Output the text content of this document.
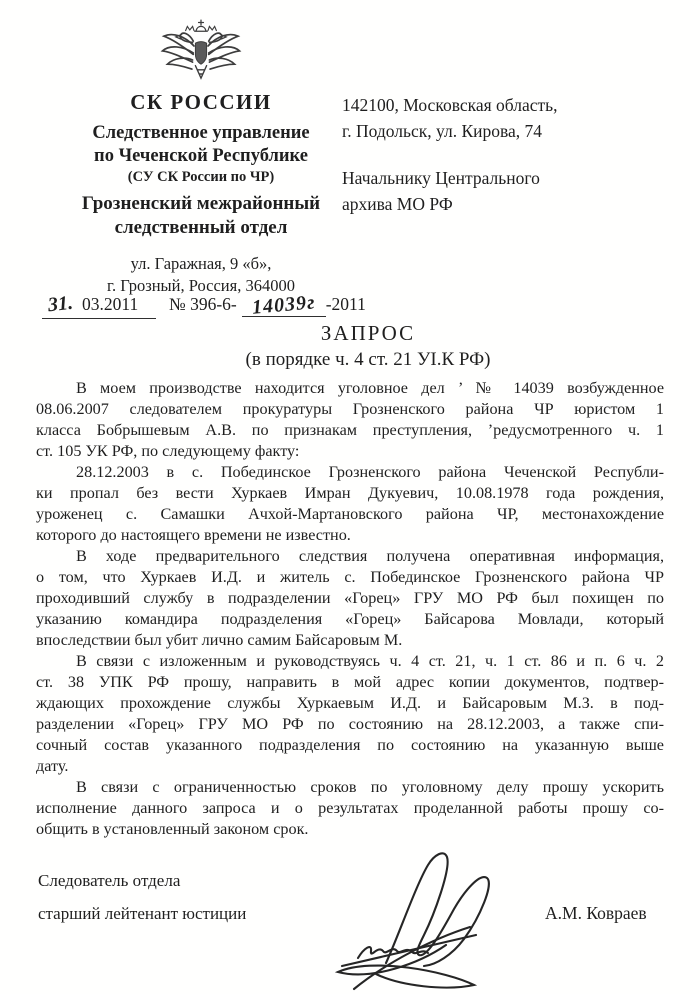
СК РОССИИ
Следственное управление
по Чеченской Республике
(СУ СК России по ЧР)
Грозненский межрайонный
следственный отдел
ул. Гаражная, 9 «б»,
г. Грозный, Россия, 364000
142100, Московская область,
г. Подольск, ул. Кирова, 74
Начальнику Центрального
архива МО РФ
31. 03.2011 № 396-6- 14039г -2011
ЗАПРОС
(в порядке ч. 4 ст. 21 УІ.К РФ)
В моем производстве находится уголовное дел ’ № 14039 возбужденное
08.06.2007 следователем прокуратуры Грозненского района ЧР юристом 1
класса Бобрышевым А.В. по признакам преступления, ’редусмотренного ч. 1
ст. 105 УК РФ, по следующему факту:
28.12.2003 в с. Побединское Грозненского района Чеченской Республи-
ки пропал без вести Хуркаев Имран Дукуевич, 10.08.1978 года рождения,
уроженец с. Самашки Ачхой-Мартановского района ЧР, местонахождение
которого до настоящего времени не известно.
В ходе предварительного следствия получена оперативная информация,
о том, что Хуркаев И.Д. и житель с. Побединское Грозненского района ЧР
проходивший службу в подразделении «Горец» ГРУ МО РФ был похищен по
указанию командира подразделения «Горец» Байсарова Мовлади, который
впоследствии был убит лично самим Байсаровым М.
В связи с изложенным и руководствуясь ч. 4 ст. 21, ч. 1 ст. 86 и п. 6 ч. 2
ст. 38 УПК РФ прошу, направить в мой адрес копии документов, подтвер-
ждающих прохождение службы Хуркаевым И.Д. и Байсаровым М.З. в под-
разделении «Горец» ГРУ МО РФ по состоянию на 28.12.2003, а также спи-
сочный состав указанного подразделения по состоянию на указанную выше
дату.
В связи с ограниченностью сроков по уголовному делу прошу ускорить
исполнение данного запроса и о результатах проделанной работы прошу со-
общить в установленный законом срок.
Следователь отдела
старший лейтенант юстиции	А.М. Ковраев
